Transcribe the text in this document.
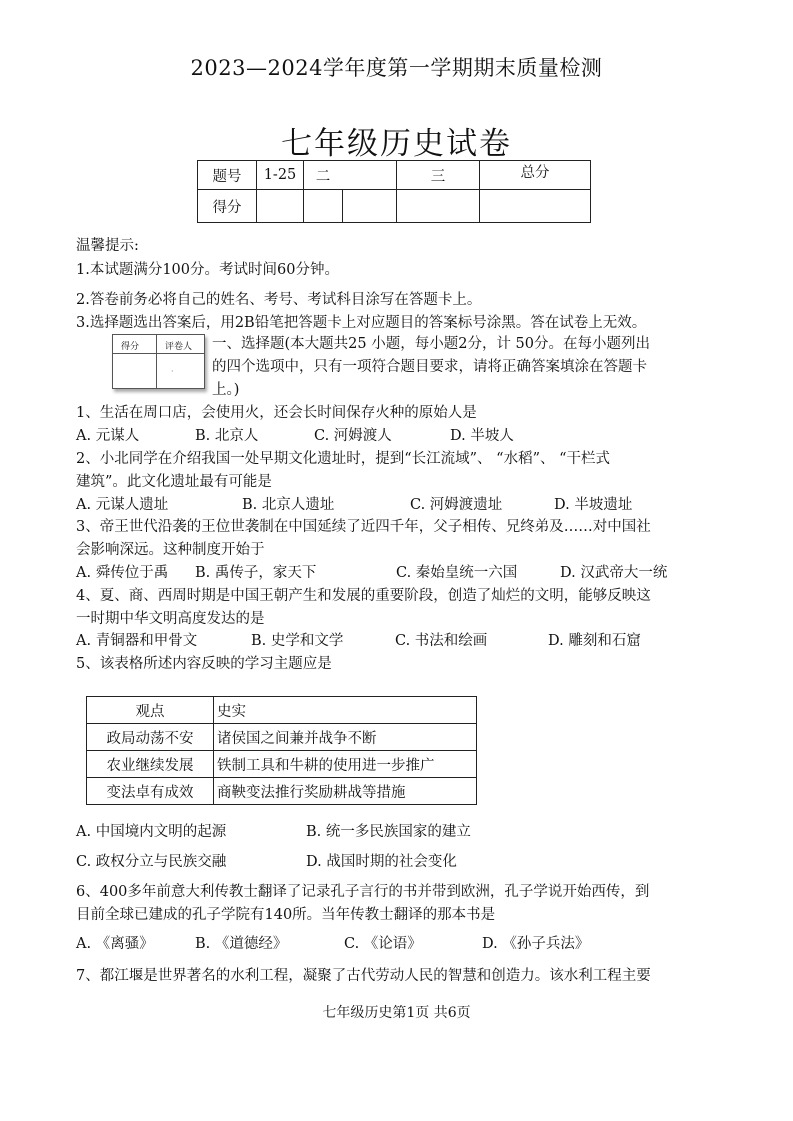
2023—2024学年度第一学期期末质量检测
七年级历史试卷
题号	1-25	二		三	总分
得分					
温馨提示:
1.本试题满分100分。考试时间60分钟。
2.答卷前务必将自己的姓名、考号、考试科目涂写在答题卡上。
3.选择题选出答案后，用2B铅笔把答题卡上对应题目的答案标号涂黑。答在试卷上无效。
得分	评卷人
·
一、选择题(本大题共25 小题，每小题2分，计 50分。在每小题列出
的四个选项中，只有一项符合题目要求，请将正确答案填涂在答题卡
上。)
1、生活在周口店，会使用火，还会长时间保存火种的原始人是
A. 元谋人	B. 北京人	C. 河姆渡人	D. 半坡人
2、小北同学在介绍我国一处早期文化遗址时，提到“长江流域”、 “水稻”、 “干栏式
建筑”。此文化遗址最有可能是
A. 元谋人遗址	B. 北京人遗址	C. 河姆渡遗址	D. 半坡遗址
3、帝王世代沿袭的王位世袭制在中国延续了近四千年，父子相传、兄终弟及……对中国社
会影响深远。这种制度开始于
A. 舜传位于禹 B. 禹传子，家天下	C. 秦始皇统一六国	D. 汉武帝大一统
4、夏、商、西周时期是中国王朝产生和发展的重要阶段，创造了灿烂的文明，能够反映这
一时期中华文明高度发达的是
A. 青铜器和甲骨文	B. 史学和文学	C. 书法和绘画	D. 雕刻和石窟
5、该表格所述内容反映的学习主题应是
观点	史实
政局动荡不安	诸侯国之间兼并战争不断
农业继续发展	铁制工具和牛耕的使用进一步推广
变法卓有成效	商鞅变法推行奖励耕战等措施
A. 中国境内文明的起源	B. 统一多民族国家的建立
C. 政权分立与民族交融	D. 战国时期的社会变化
6、400多年前意大利传教士翻译了记录孔子言行的书并带到欧洲，孔子学说开始西传，到
目前全球已建成的孔子学院有140所。当年传教士翻译的那本书是
A. 《离骚》	B. 《道德经》	C. 《论语》	D. 《孙子兵法》
7、都江堰是世界著名的水利工程，凝聚了古代劳动人民的智慧和创造力。该水利工程主要
七年级历史第1页 共6页
